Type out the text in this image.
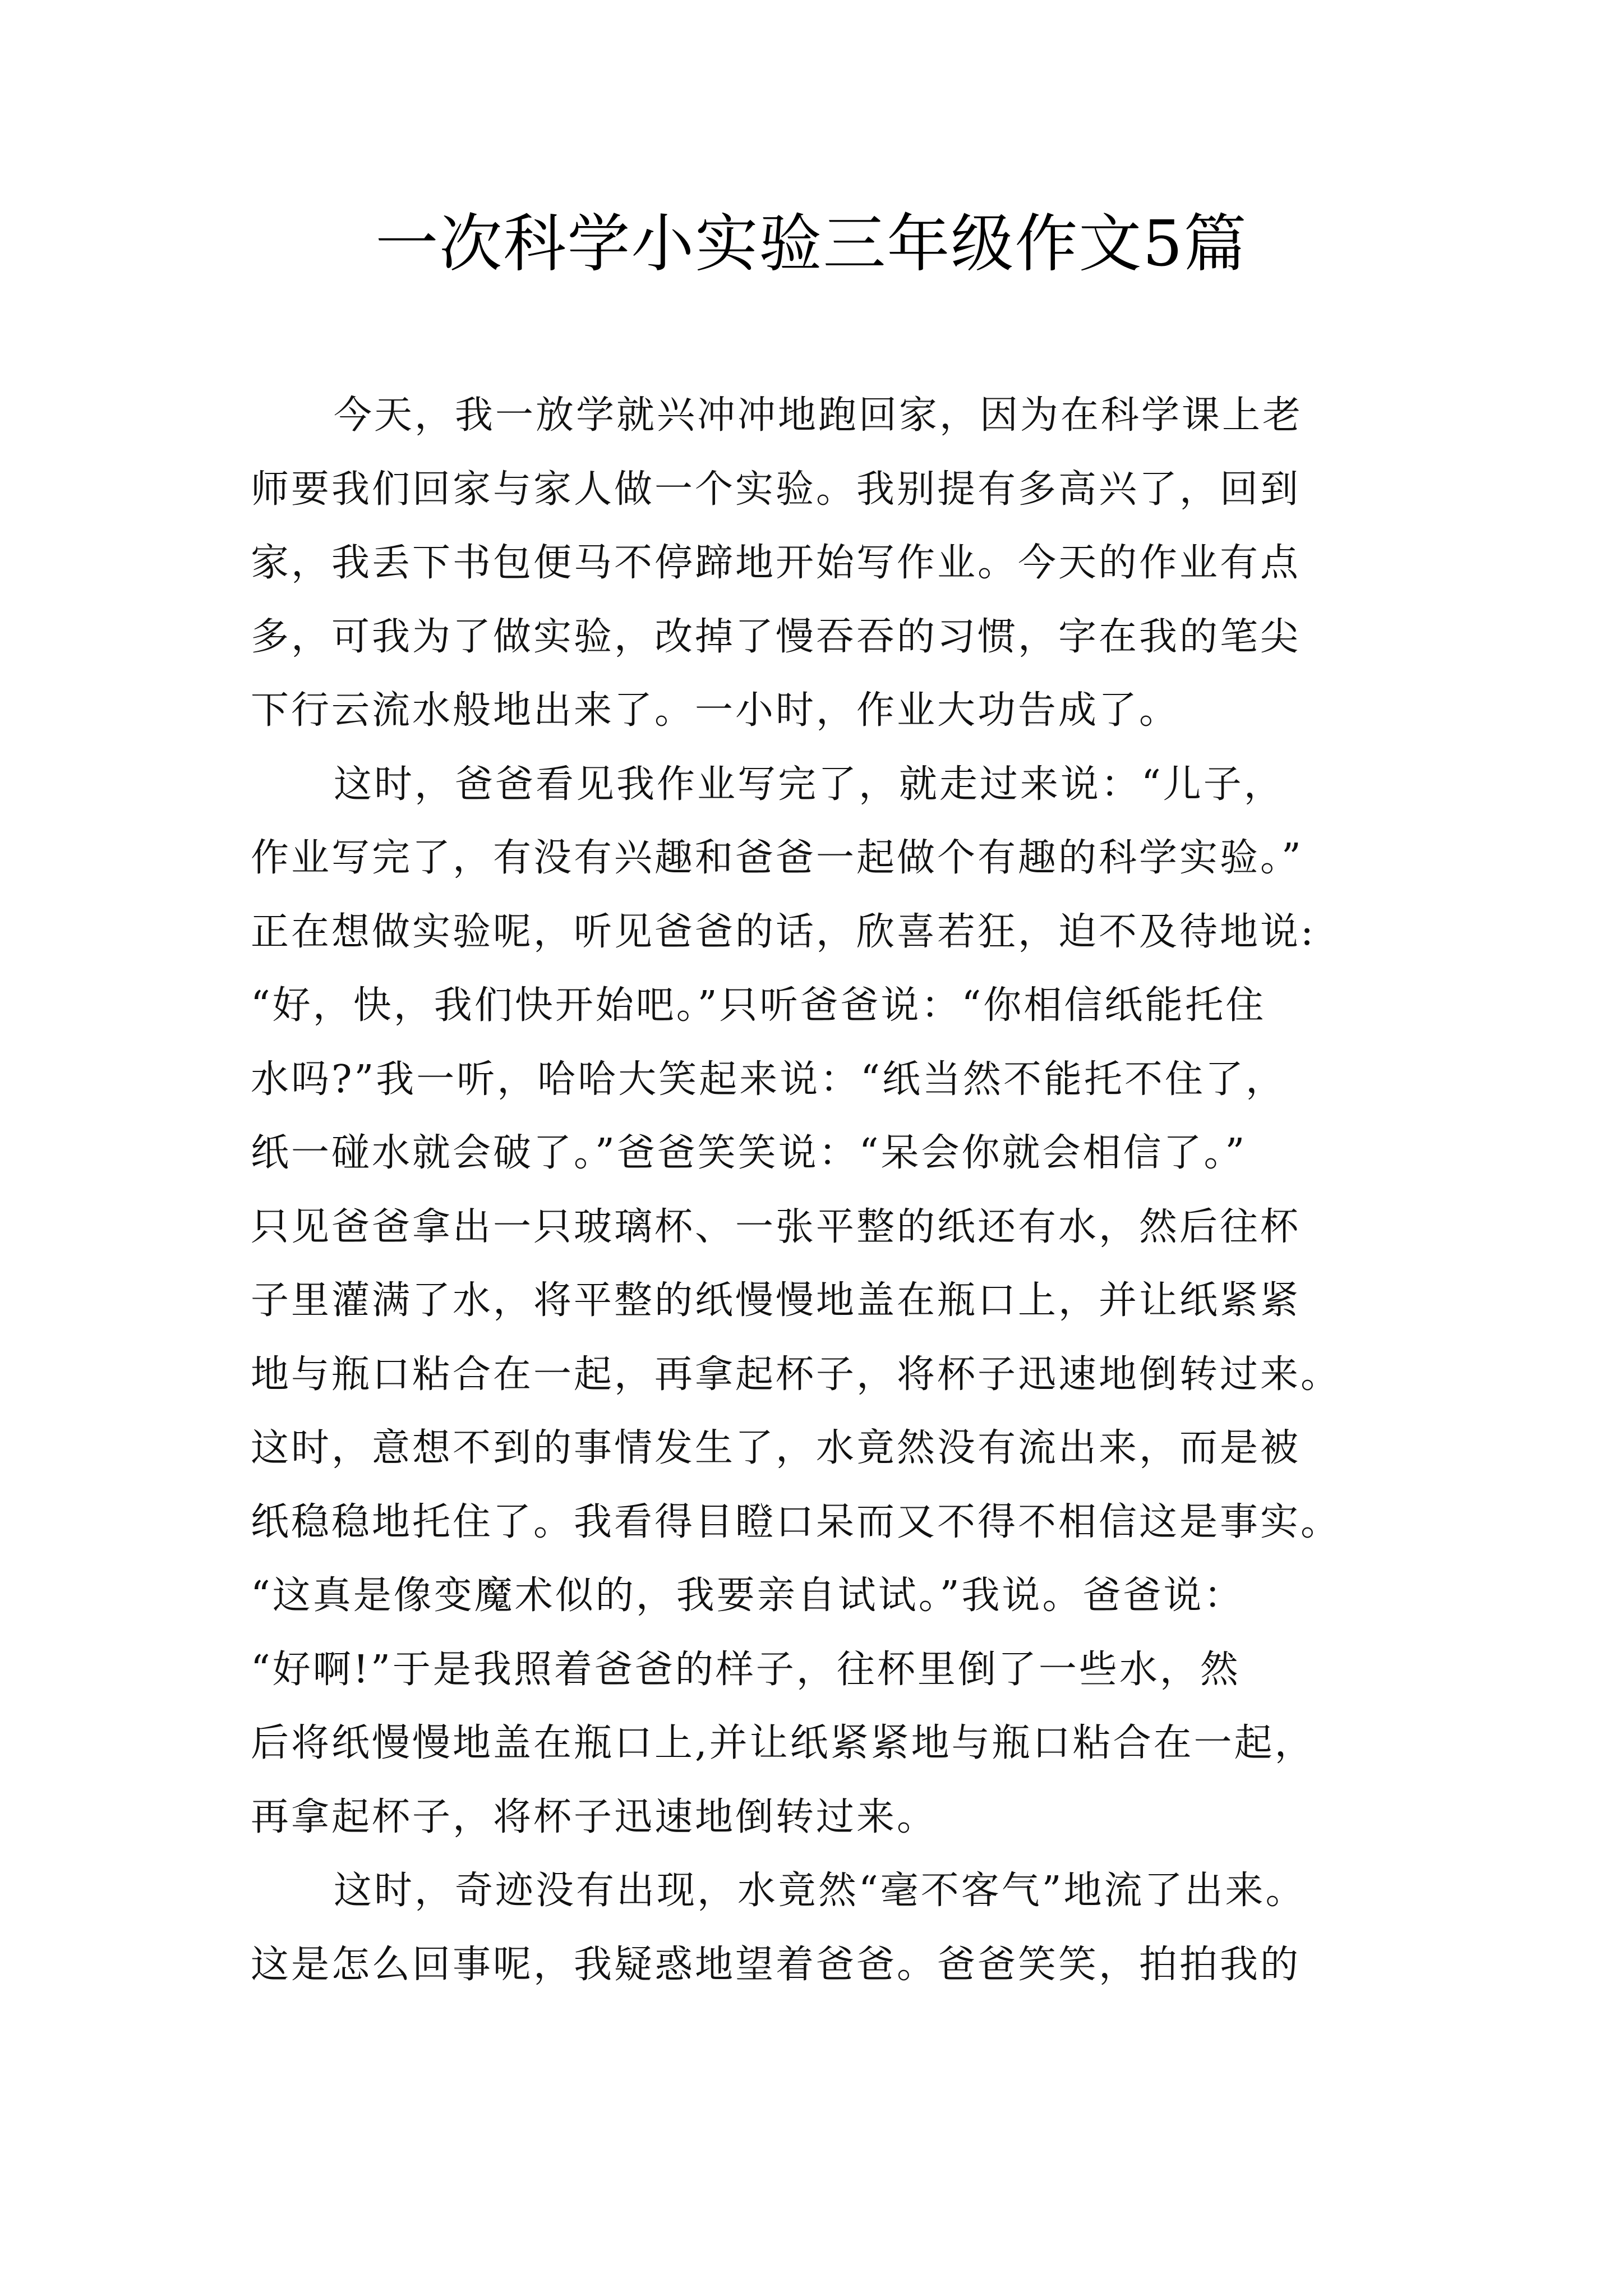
一次科学小实验三年级作文5篇
今天，我一放学就兴冲冲地跑回家，因为在科学课上老
师要我们回家与家人做一个实验。我别提有多高兴了，回到
家，我丢下书包便马不停蹄地开始写作业。今天的作业有点
多，可我为了做实验，改掉了慢吞吞的习惯，字在我的笔尖
下行云流水般地出来了。一小时，作业大功告成了。
这时，爸爸看见我作业写完了，就走过来说：“儿子，
作业写完了，有没有兴趣和爸爸一起做个有趣的科学实验。”
正在想做实验呢，听见爸爸的话，欣喜若狂，迫不及待地说:
“好，快，我们快开始吧。”只听爸爸说：“你相信纸能托住
水吗?”我一听，哈哈大笑起来说：“纸当然不能托不住了，
纸一碰水就会破了。”爸爸笑笑说：“呆会你就会相信了。”
只见爸爸拿出一只玻璃杯、一张平整的纸还有水，然后往杯
子里灌满了水，将平整的纸慢慢地盖在瓶口上，并让纸紧紧
地与瓶口粘合在一起，再拿起杯子，将杯子迅速地倒转过来。
这时，意想不到的事情发生了，水竟然没有流出来，而是被
纸稳稳地托住了。我看得目瞪口呆而又不得不相信这是事实。
“这真是像变魔术似的，我要亲自试试。”我说。爸爸说：
“好啊!”于是我照着爸爸的样子，往杯里倒了一些水，然
后将纸慢慢地盖在瓶口上,并让纸紧紧地与瓶口粘合在一起，
再拿起杯子，将杯子迅速地倒转过来。
这时，奇迹没有出现，水竟然“毫不客气”地流了出来。
这是怎么回事呢，我疑惑地望着爸爸。爸爸笑笑，拍拍我的
